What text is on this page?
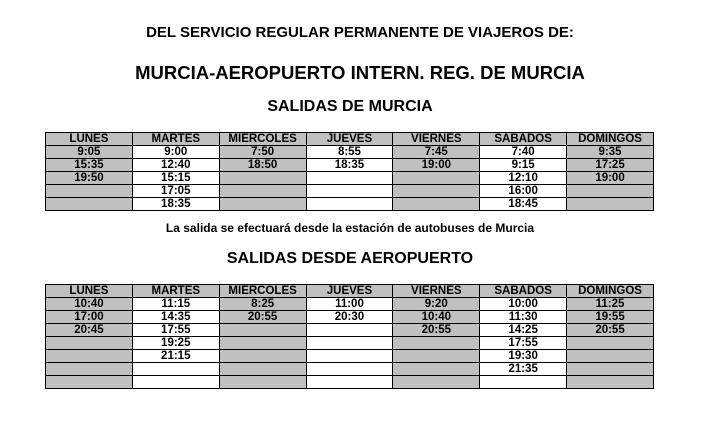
DEL SERVICIO REGULAR PERMANENTE DE VIAJEROS DE:
MURCIA-AEROPUERTO INTERN. REG. DE MURCIA
SALIDAS DE MURCIA
LUNES	MARTES	MIERCOLES	JUEVES	VIERNES	SABADOS	DOMINGOS
9:05	9:00	7:50	8:55	7:45	7:40	9:35
15:35	12:40	18:50	18:35	19:00	9:15	17:25
19:50	15:15				12:10	19:00
	17:05				16:00	
	18:35				18:45	
La salida se efectuará desde la estación de autobuses de Murcia
SALIDAS DESDE AEROPUERTO
LUNES	MARTES	MIERCOLES	JUEVES	VIERNES	SABADOS	DOMINGOS
10:40	11:15	8:25	11:00	9:20	10:00	11:25
17:00	14:35	20:55	20:30	10:40	11:30	19:55
20:45	17:55			20:55	14:25	20:55
	19:25				17:55	
	21:15				19:30	
					21:35	
